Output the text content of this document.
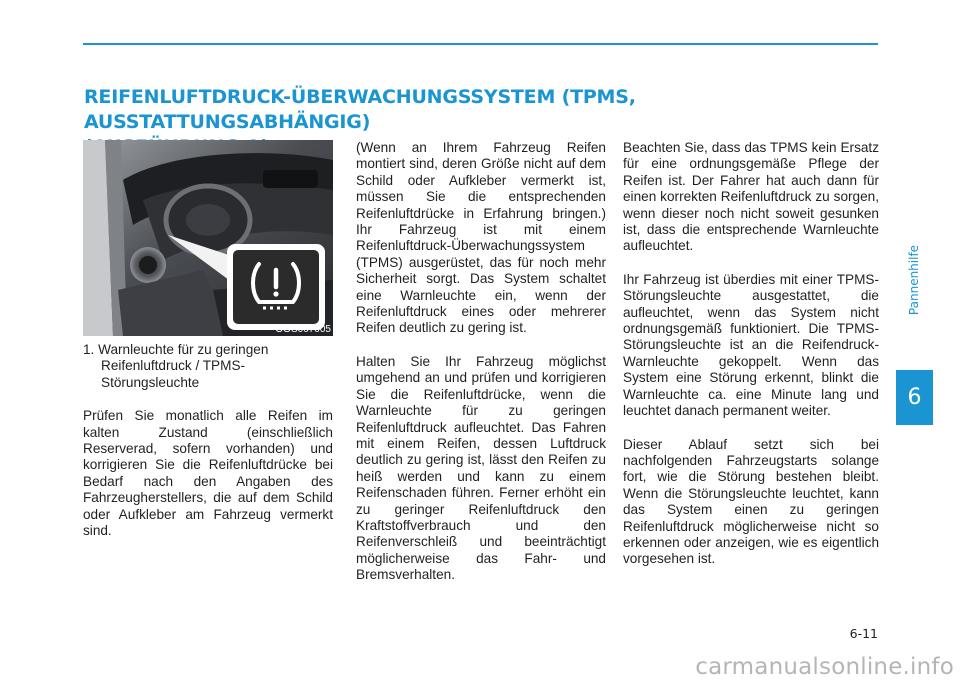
REIFENLUFTDRUCK-ÜBERWACHUNGSSYSTEM (TPMS, AUSSTATTUNGSABHÄNGIG)
Pannenhilfe
6
OOS067005

1. Warnleuchte für zu geringen Reifenluftdruck / TPMS-Störungsleuchte

Prüfen Sie monatlich alle Reifen im kalten Zustand (einschließlich Reserverad, sofern vorhanden) und korrigieren Sie die Reifenluftdrücke bei Bedarf nach den Angaben des Fahrzeugherstellers, die auf dem Schild oder Aufkleber am Fahrzeug vermerkt sind.

(Wenn an Ihrem Fahrzeug Reifen montiert sind, deren Größe nicht auf dem Schild oder Aufkleber vermerkt ist, müssen Sie die entsprechenden Reifenluftdrücke in Erfahrung bringen.) Ihr Fahrzeug ist mit einem Reifenluftdruck-Überwachungssystem (TPMS) ausgerüstet, das für noch mehr Sicherheit sorgt. Das System schaltet eine Warnleuchte ein, wenn der Reifenluftdruck eines oder mehrerer Reifen deutlich zu gering ist.

Halten Sie Ihr Fahrzeug möglichst umgehend an und prüfen und korrigieren Sie die Reifenluftdrücke, wenn die Warnleuchte für zu geringen Reifenluftdruck aufleuchtet. Das Fahren mit einem Reifen, dessen Luftdruck deutlich zu gering ist, lässt den Reifen zu heiß werden und kann zu einem Reifenschaden führen. Ferner erhöht ein zu geringer Reifenluftdruck den Kraftstoffverbrauch und den Reifenverschleiß und beeinträchtigt möglicherweise das Fahr- und Bremsverhalten.

Beachten Sie, dass das TPMS kein Ersatz für eine ordnungsgemäße Pflege der Reifen ist. Der Fahrer hat auch dann für einen korrekten Reifenluftdruck zu sorgen, wenn dieser noch nicht soweit gesunken ist, dass die entsprechende Warnleuchte aufleuchtet.

Ihr Fahrzeug ist überdies mit einer TPMS-Störungsleuchte ausgestattet, die aufleuchtet, wenn das System nicht ordnungsgemäß funktioniert. Die TPMS-Störungsleuchte ist an die Reifendruck-Warnleuchte gekoppelt. Wenn das System eine Störung erkennt, blinkt die Warnleuchte ca. eine Minute lang und leuchtet danach permanent weiter.

Dieser Ablauf setzt sich bei nachfolgenden Fahrzeugstarts solange fort, wie die Störung bestehen bleibt. Wenn die Störungsleuchte leuchtet, kann das System einen zu geringen Reifenluftdruck möglicherweise nicht so erkennen oder anzeigen, wie es eigentlich vorgesehen ist.

6-11
carmanualsonline.info
